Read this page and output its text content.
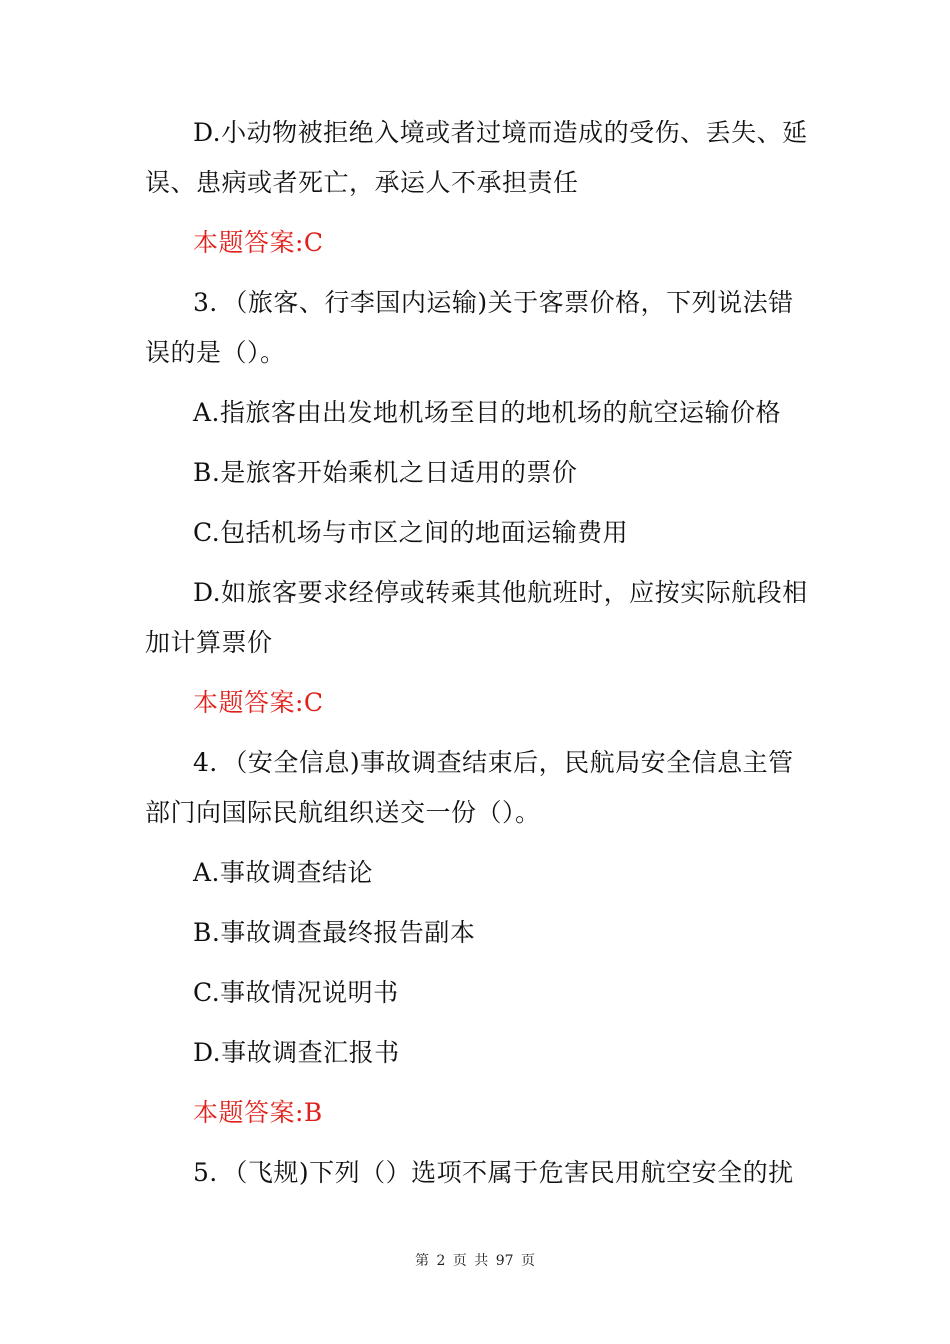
D.小动物被拒绝入境或者过境而造成的受伤、丢失、延
误、患病或者死亡，承运人不承担责任
本题答案:C
3．（旅客、行李国内运输)关于客票价格，下列说法错
误的是（）。
A.指旅客由出发地机场至目的地机场的航空运输价格
B.是旅客开始乘机之日适用的票价
C.包括机场与市区之间的地面运输费用
D.如旅客要求经停或转乘其他航班时，应按实际航段相
加计算票价
本题答案:C
4．（安全信息)事故调查结束后，民航局安全信息主管
部门向国际民航组织送交一份（）。
A.事故调查结论
B.事故调查最终报告副本
C.事故情况说明书
D.事故调查汇报书
本题答案:B
5．（飞规)下列（）选项不属于危害民用航空安全的扰
第 2 页 共 97 页
